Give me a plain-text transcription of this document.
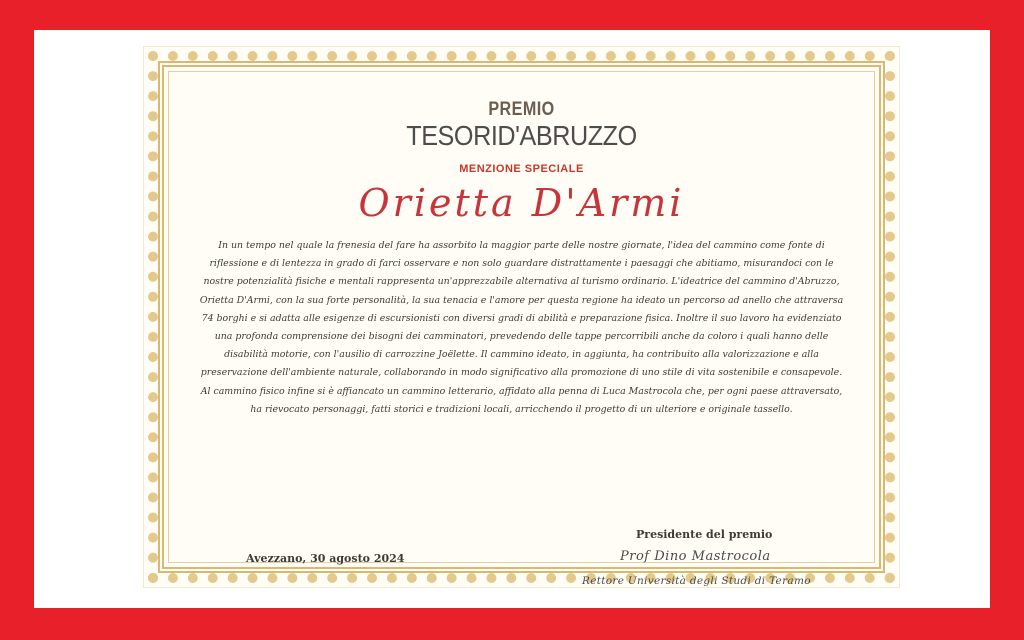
PREMIO
TESORID'ABRUZZO
MENZIONE SPECIALE
Orietta D'Armi
In un tempo nel quale la frenesia del fare ha assorbito la maggior parte delle nostre giornate, l'idea del cammino come fonte di riflessione e di lentezza in grado di farci osservare e non solo guardare distrattamente i paesaggi che abitiamo, misurandoci con le nostre potenzialità fisiche e mentali rappresenta un'apprezzabile alternativa al turismo ordinario. L'ideatrice del cammino d'Abruzzo, Orietta D'Armi, con la sua forte personalità, la sua tenacia e l'amore per questa regione ha ideato un percorso ad anello che attraversa 74 borghi e si adatta alle esigenze di escursionisti con diversi gradi di abilità e preparazione fisica. Inoltre il suo lavoro ha evidenziato una profonda comprensione dei bisogni dei camminatori, prevedendo delle tappe percorribili anche da coloro i quali hanno delle disabilità motorie, con l'ausilio di carrozzine Joëlette. Il cammino ideato, in aggiunta, ha contribuito alla valorizzazione e alla preservazione dell'ambiente naturale, collaborando in modo significativo alla promozione di uno stile di vita sostenibile e consapevole. Al cammino fisico infine si è affiancato un cammino letterario, affidato alla penna di Luca Mastrocola che, per ogni paese attraversato, ha rievocato personaggi, fatti storici e tradizioni locali, arricchendo il progetto di un ulteriore e originale tassello.
Avezzano, 30 agosto 2024
Presidente del premio
Prof Dino Mastrocola
Rettore Università degli Studi di Teramo
